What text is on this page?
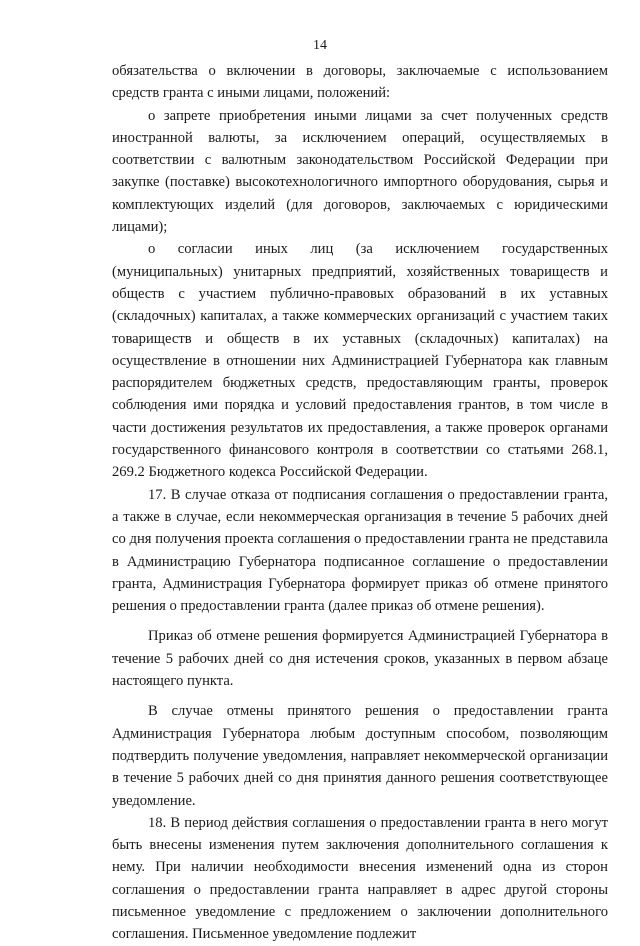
14

обязательства о включении в договоры, заключаемые с использованием средств гранта с иными лицами, положений:

о запрете приобретения иными лицами за счет полученных средств иностранной валюты, за исключением операций, осуществляемых в соответствии с валютным законодательством Российской Федерации при закупке (поставке) высокотехнологичного импортного оборудования, сырья и комплектующих изделий (для договоров, заключаемых с юридическими лицами);

о согласии иных лиц (за исключением государственных (муниципальных) унитарных предприятий, хозяйственных товариществ и обществ с участием публично-правовых образований в их уставных (складочных) капиталах, а также коммерческих организаций с участием таких товариществ и обществ в их уставных (складочных) капиталах) на осуществление в отношении них Администрацией Губернатора как главным распорядителем бюджетных средств, предоставляющим гранты, проверок соблюдения ими порядка и условий предоставления грантов, в том числе в части достижения результатов их предоставления, а также проверок органами государственного финансового контроля в соответствии со статьями 268.1, 269.2 Бюджетного кодекса Российской Федерации.

17. В случае отказа от подписания соглашения о предоставлении гранта, а также в случае, если некоммерческая организация в течение 5 рабочих дней со дня получения проекта соглашения о предоставлении гранта не представила в Администрацию Губернатора подписанное соглашение о предоставлении гранта, Администрация Губернатора формирует приказ об отмене принятого решения о предоставлении гранта (далее приказ об отмене решения).

Приказ об отмене решения формируется Администрацией Губернатора в течение 5 рабочих дней со дня истечения сроков, указанных в первом абзаце настоящего пункта.

В случае отмены принятого решения о предоставлении гранта Администрация Губернатора любым доступным способом, позволяющим подтвердить получение уведомления, направляет некоммерческой организации в течение 5 рабочих дней со дня принятия данного решения соответствующее уведомление.

18. В период действия соглашения о предоставлении гранта в него могут быть внесены изменения путем заключения дополнительного соглашения к нему. При наличии необходимости внесения изменений одна из сторон соглашения о предоставлении гранта направляет в адрес другой стороны письменное уведомление с предложением о заключении дополнительного соглашения. Письменное уведомление подлежит
